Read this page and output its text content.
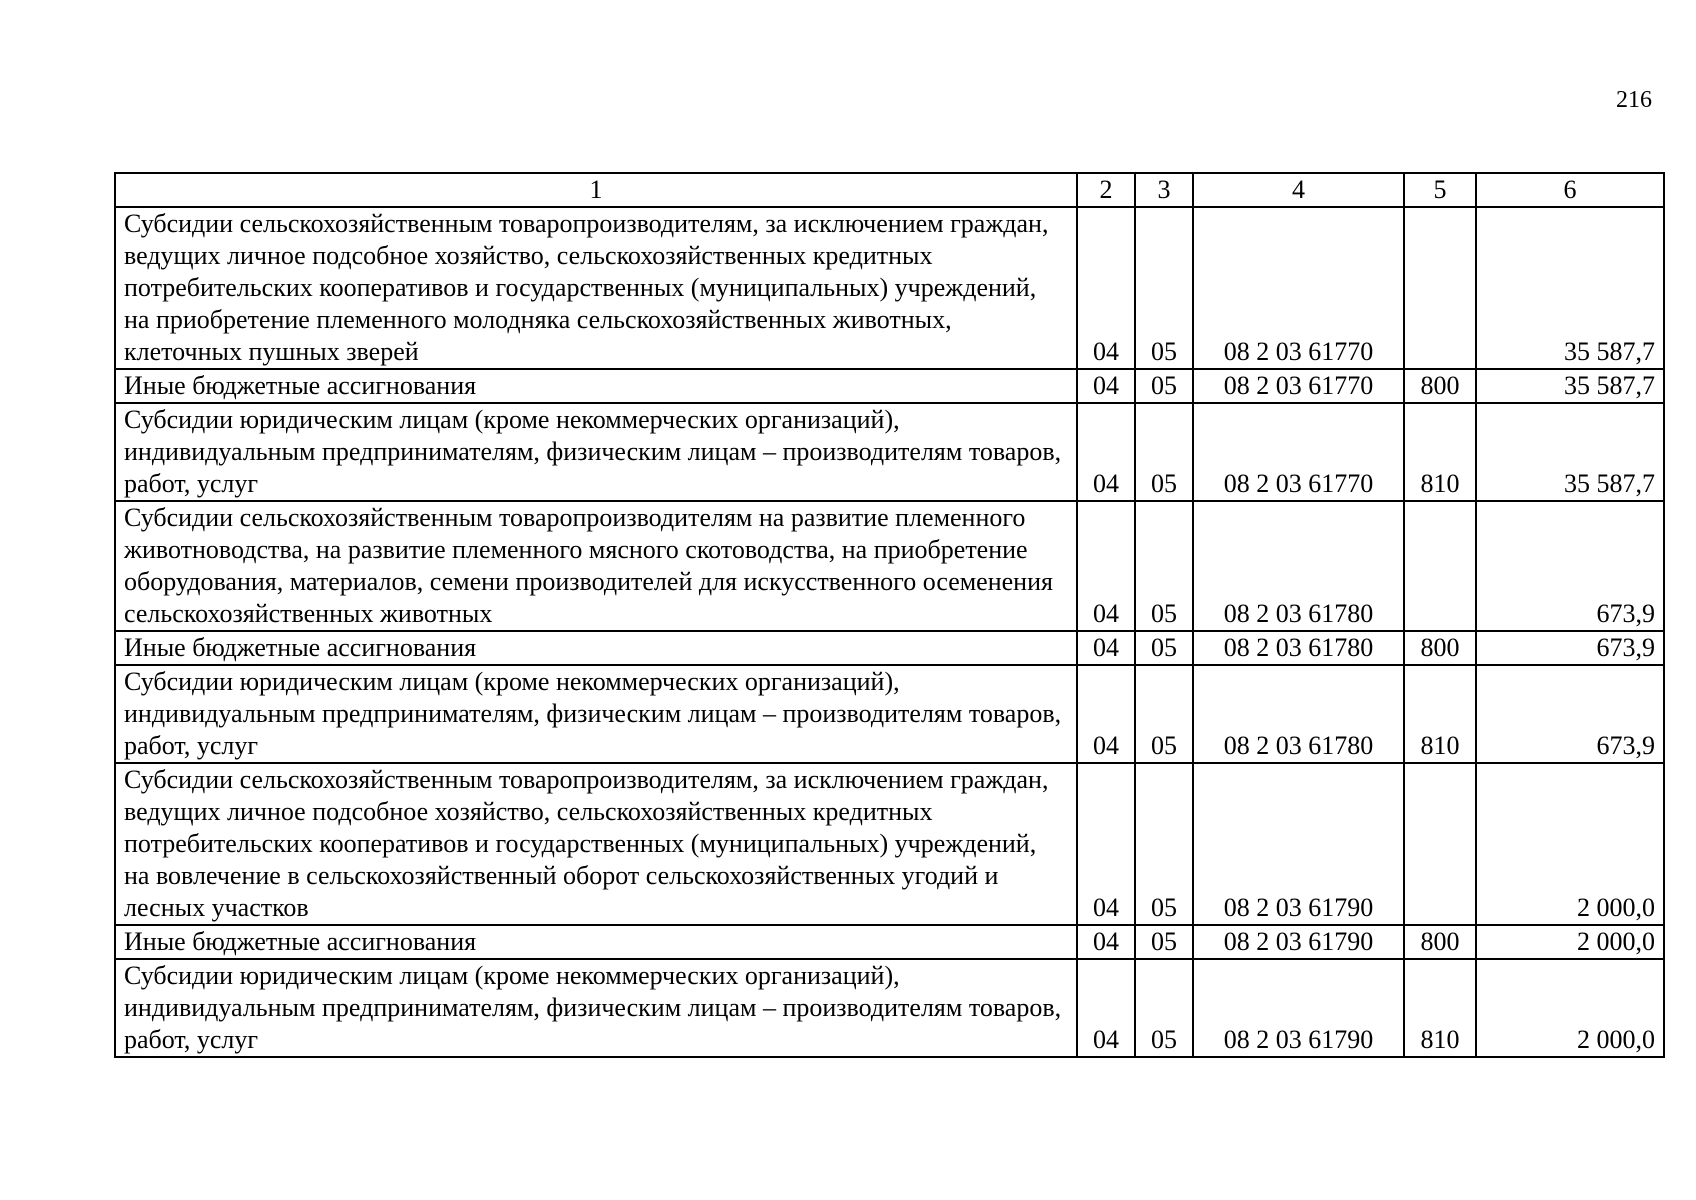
216
1	2	3	4	5	6
Субсидии сельскохозяйственным товаропроизводителям, за исключением граждан, ведущих личное подсобное хозяйство, сельскохозяйственных кредитных потребительских кооперативов и государственных (муниципальных) учреждений, на приобретение племенного молодняка сельскохозяйственных животных, клеточных пушных зверей	04	05	08 2 03 61770		35 587,7
Иные бюджетные ассигнования	04	05	08 2 03 61770	800	35 587,7
Субсидии юридическим лицам (кроме некоммерческих организаций), индивидуальным предпринимателям, физическим лицам – производителям товаров, работ, услуг	04	05	08 2 03 61770	810	35 587,7
Субсидии сельскохозяйственным товаропроизводителям на развитие племенного животноводства, на развитие племенного мясного скотоводства, на приобретение оборудования, материалов, семени производителей для искусственного осеменения сельскохозяйственных животных	04	05	08 2 03 61780		673,9
Иные бюджетные ассигнования	04	05	08 2 03 61780	800	673,9
Субсидии юридическим лицам (кроме некоммерческих организаций), индивидуальным предпринимателям, физическим лицам – производителям товаров, работ, услуг	04	05	08 2 03 61780	810	673,9
Субсидии сельскохозяйственным товаропроизводителям, за исключением граждан, ведущих личное подсобное хозяйство, сельскохозяйственных кредитных потребительских кооперативов и государственных (муниципальных) учреждений, на вовлечение в сельскохозяйственный оборот сельскохозяйственных угодий и лесных участков	04	05	08 2 03 61790		2 000,0
Иные бюджетные ассигнования	04	05	08 2 03 61790	800	2 000,0
Субсидии юридическим лицам (кроме некоммерческих организаций), индивидуальным предпринимателям, физическим лицам – производителям товаров, работ, услуг	04	05	08 2 03 61790	810	2 000,0
